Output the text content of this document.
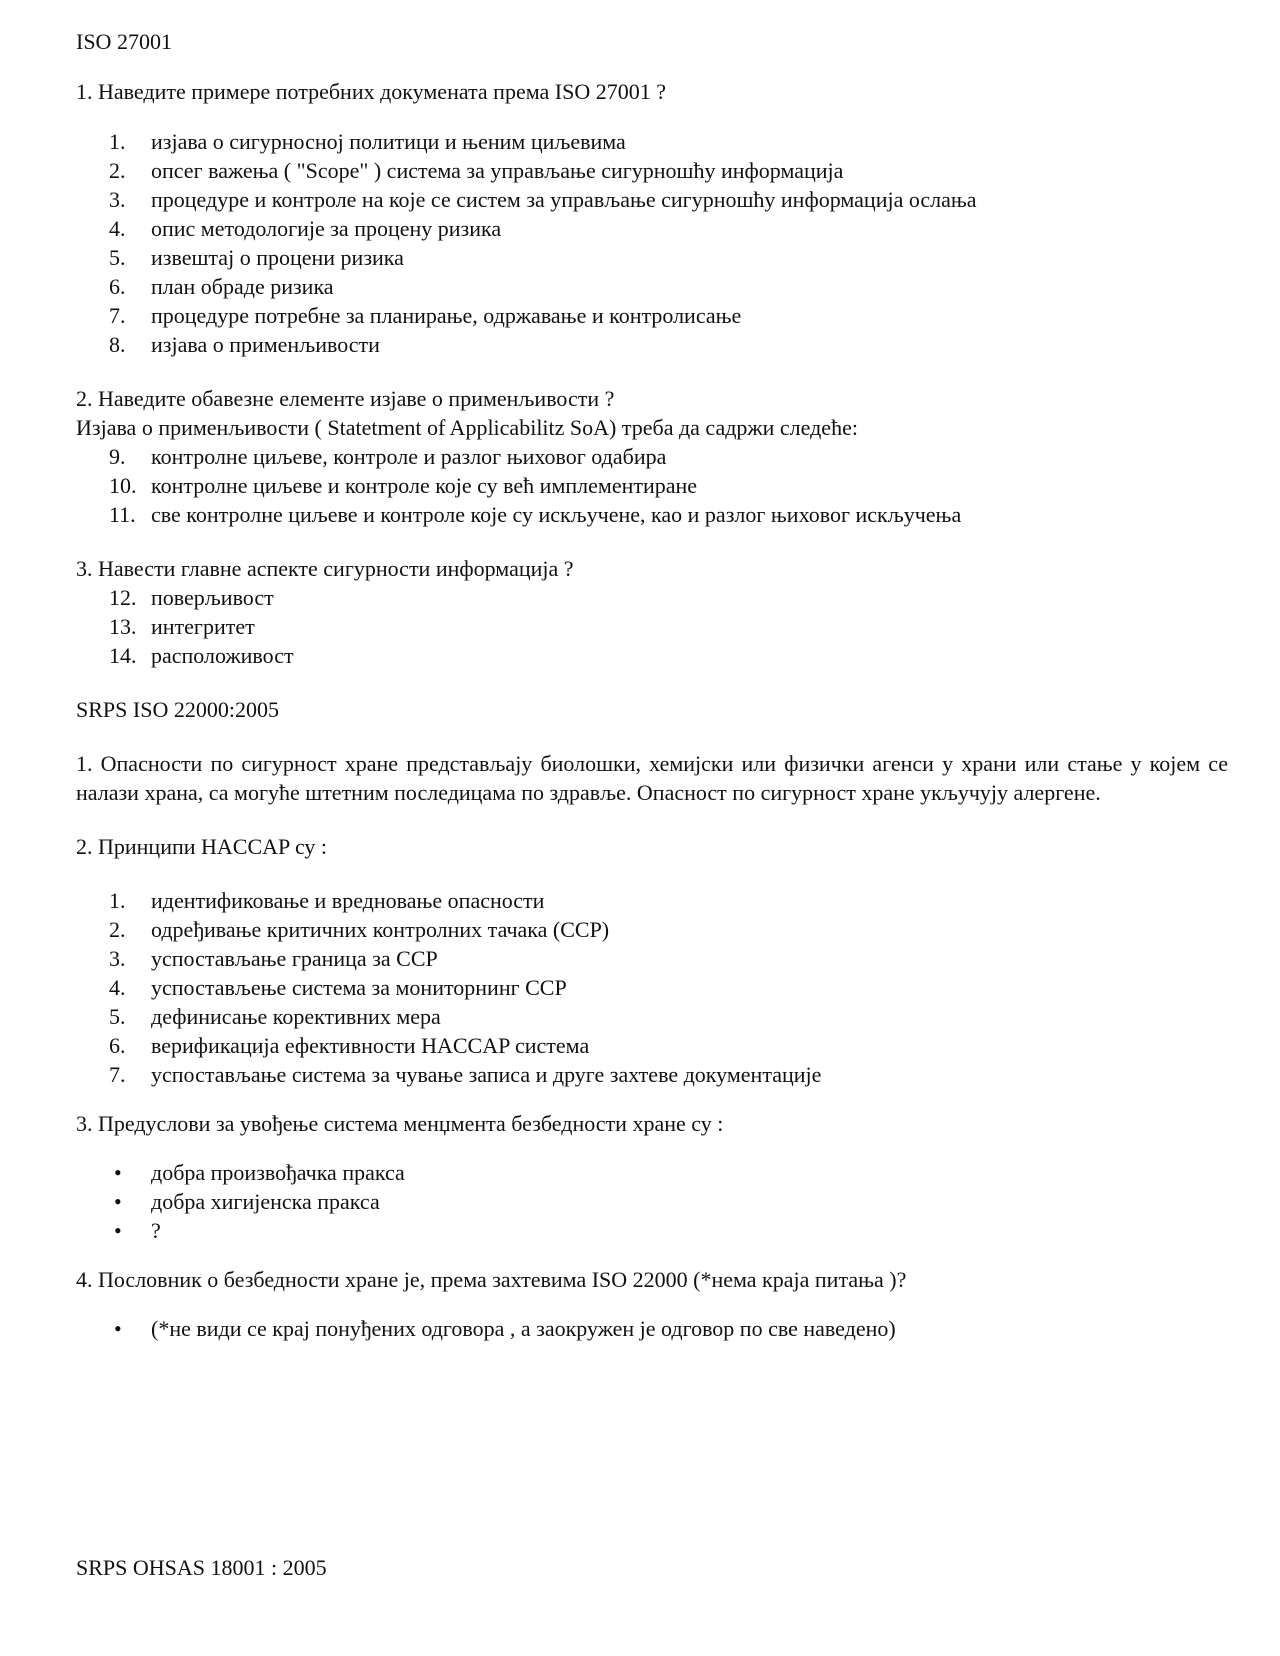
ISO 27001

1. Наведите примере потребних докумената према ISO 27001 ?

1. изјава о сигурносној политици и њеним циљевима
2. опсег важења ( "Scope" ) система за управљање сигурношћу информација
3. процедуре и контроле на које се систем за управљање сигурношћу информација ослања
4. опис методологије за процену ризика
5. извештај о процени ризика
6. план обраде ризика
7. процедуре потребне за планирање, одржавање и контролисање
8. изјава о применљивости

2. Наведите обавезне елементе изјаве о применљивости ?

Изјава о применљивости ( Statetment of Applicabilitz SoA) треба да садржи следеће:

9. контролне циљеве, контроле и разлог њиховог одабира
10. контролне циљеве и контроле које су већ имплементиране
11. све контролне циљеве и контроле које су искључене, као и разлог њиховог искључења

3. Навести главне аспекте сигурности информација ?

12. поверљивост
13. интегритет
14. расположивост

SRPS ISO 22000:2005

1. Опасности по сигурност хране представљају биолошки, хемијски или физички агенси у храни или стање у којем се налази храна, са могуће штетним последицама по здравље. Опасност по сигурност хране укључују алергене.

2. Принципи HACCAP су :

1. идентификовање и вредновање опасности
2. одређивање критичних контролних тачака (CCP)
3. успостављање граница за CCP
4. успостављење система за мониторнинг CCP
5. дефинисање корективних мера
6. верификација ефективности HACCAP система
7. успостављање система за чување записа и друге захтеве документације

3. Предуслови за увођење система менџмента безбедности хране су :

• добра произвођачка пракса
• добра хигијенска пракса
• ?

4. Пословник о безбедности хране је, према захтевима ISO 22000 (*нема краја питања )?

• (*не види се крај понуђених одговора , а заокружен је одговор по све наведено)

SRPS OHSAS 18001 : 2005
